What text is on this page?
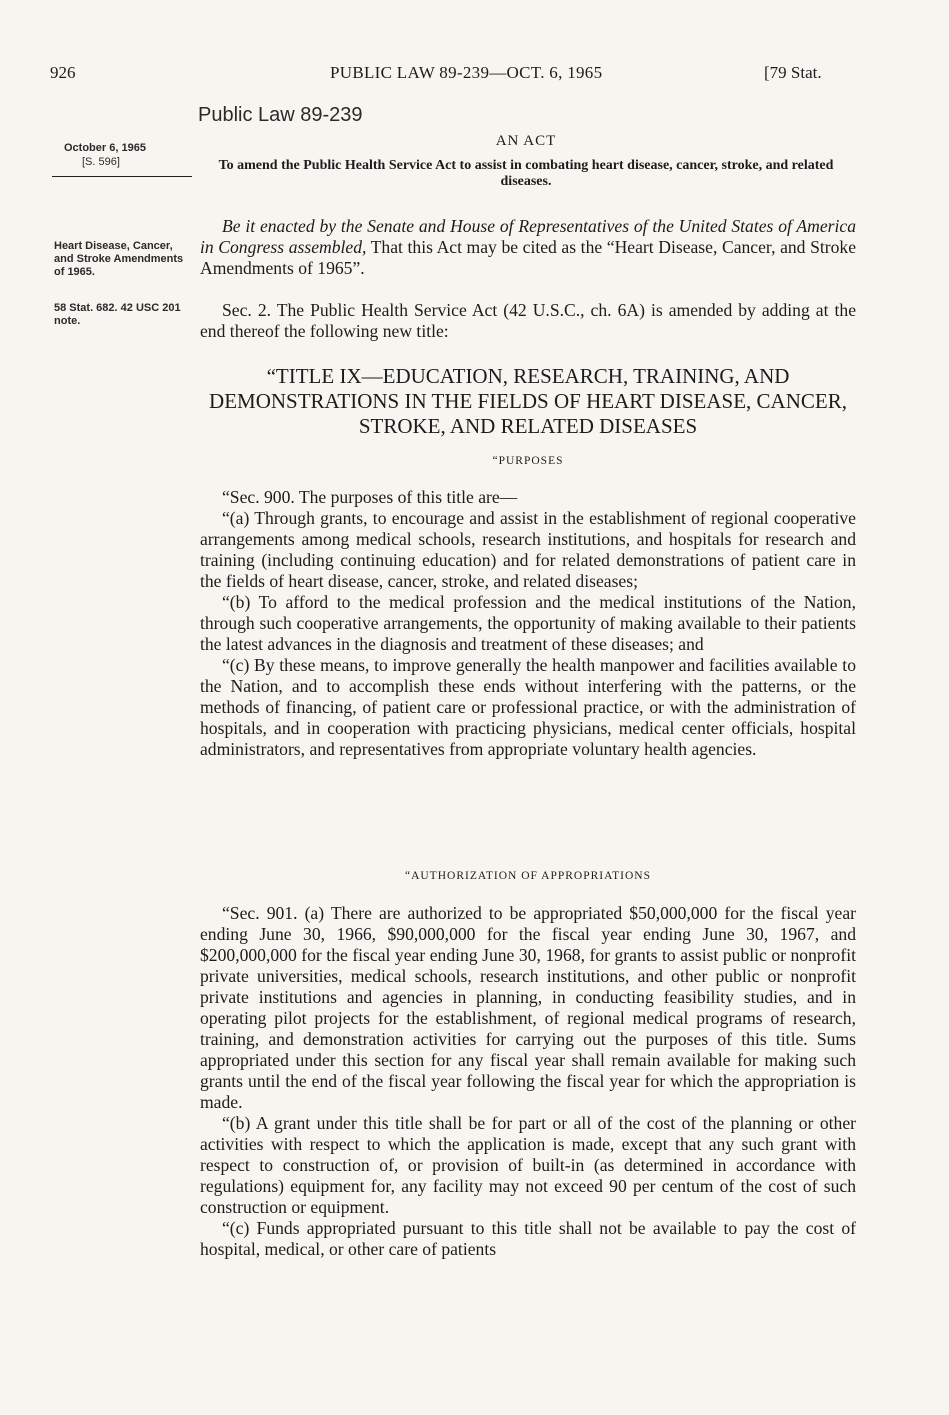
926	PUBLIC LAW 89-239—OCT. 6, 1965	[79 Stat.
Public Law 89-239
AN ACT
To amend the Public Health Service Act to assist in combating heart disease, cancer, stroke, and related diseases.
October 6, 1965
[S. 596]
Heart Disease, Cancer, and Stroke Amendments of 1965.
58 Stat. 682. 42 USC 201 note.

Be it enacted by the Senate and House of Representatives of the United States of America in Congress assembled, That this Act may be cited as the “Heart Disease, Cancer, and Stroke Amendments of 1965”.

Sec. 2. The Public Health Service Act (42 U.S.C., ch. 6A) is amended by adding at the end thereof the following new title:

“TITLE IX—EDUCATION, RESEARCH, TRAINING, AND DEMONSTRATIONS IN THE FIELDS OF HEART DISEASE, CANCER, STROKE, AND RELATED DISEASES
“PURPOSES

“Sec. 900. The purposes of this title are—

“(a) Through grants, to encourage and assist in the establishment of regional cooperative arrangements among medical schools, research institutions, and hospitals for research and training (including continuing education) and for related demonstrations of patient care in the fields of heart disease, cancer, stroke, and related diseases;

“(b) To afford to the medical profession and the medical institutions of the Nation, through such cooperative arrangements, the opportunity of making available to their patients the latest advances in the diagnosis and treatment of these diseases; and

“(c) By these means, to improve generally the health manpower and facilities available to the Nation, and to accomplish these ends without interfering with the patterns, or the methods of financing, of patient care or professional practice, or with the administration of hospitals, and in cooperation with practicing physicians, medical center officials, hospital administrators, and representatives from appropriate voluntary health agencies.

“AUTHORIZATION OF APPROPRIATIONS

“Sec. 901. (a) There are authorized to be appropriated $50,000,000 for the fiscal year ending June 30, 1966, $90,000,000 for the fiscal year ending June 30, 1967, and $200,000,000 for the fiscal year ending June 30, 1968, for grants to assist public or nonprofit private universities, medical schools, research institutions, and other public or nonprofit private institutions and agencies in planning, in conducting feasibility studies, and in operating pilot projects for the establishment, of regional medical programs of research, training, and demonstration activities for carrying out the purposes of this title. Sums appropriated under this section for any fiscal year shall remain available for making such grants until the end of the fiscal year following the fiscal year for which the appropriation is made.

“(b) A grant under this title shall be for part or all of the cost of the planning or other activities with respect to which the application is made, except that any such grant with respect to construction of, or provision of built-in (as determined in accordance with regulations) equipment for, any facility may not exceed 90 per centum of the cost of such construction or equipment.

“(c) Funds appropriated pursuant to this title shall not be available to pay the cost of hospital, medical, or other care of patients
